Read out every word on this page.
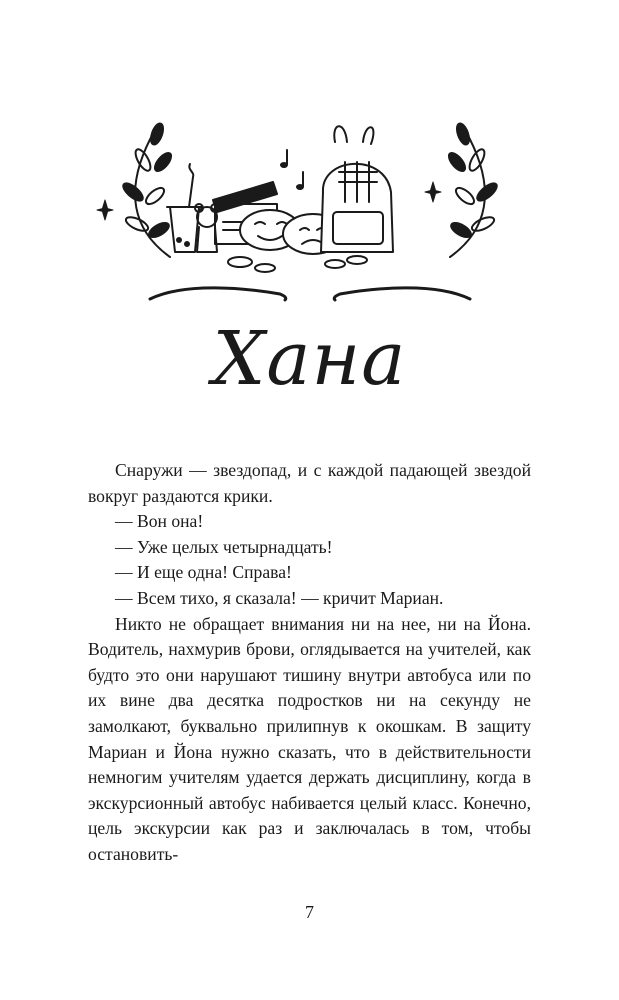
Хана

Снаружи — звездопад, и с каждой падающей звездой вокруг раздаются крики.

— Вон она!

— Уже целых четырнадцать!

— И еще одна! Справа!

— Всем тихо, я сказала! — кричит Мариан.

Никто не обращает внимания ни на нее, ни на Йона. Водитель, нахмурив брови, оглядывается на учителей, как будто это они нарушают тишину внутри автобуса или по их вине два десятка подростков ни на секунду не замолкают, буквально прилипнув к окошкам. В защиту Мариан и Йона нужно сказать, что в действительности немногим учителям удается держать дисциплину, когда в экскурсионный автобус набивается целый класс. Конечно, цель экскурсии как раз и заключалась в том, чтобы остановить-

7
